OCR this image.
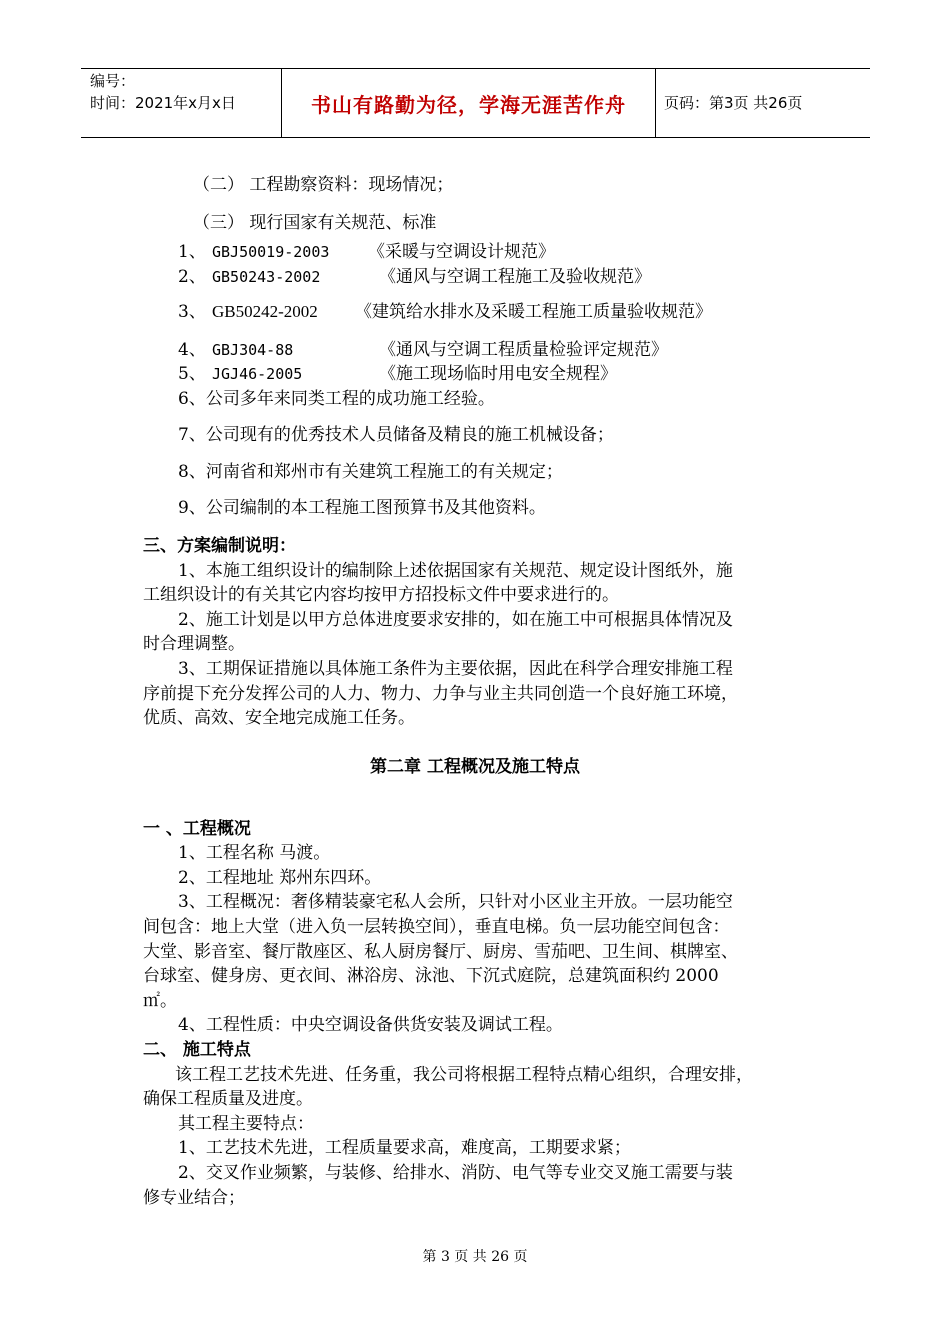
编号：
时间：2021年x月x日	书山有路勤为径，学海无涯苦作舟	页码：第3页 共26页
（二） 工程勘察资料：现场情况；
（三） 现行国家有关规范、标准
1、 GBJ50019-2003 《采暖与空调设计规范》
2、 GB50243-2002	《通风与空调工程施工及验收规范》
3、 GB50242-2002 《建筑给水排水及采暖工程施工质量验收规范》
4、 GBJ304-88	《通风与空调工程质量检验评定规范》
5、 JGJ46-2005	《施工现场临时用电安全规程》
6、公司多年来同类工程的成功施工经验。
7、公司现有的优秀技术人员储备及精良的施工机械设备；
8、河南省和郑州市有关建筑工程施工的有关规定；
9、公司编制的本工程施工图预算书及其他资料。
三、方案编制说明：
1、本施工组织设计的编制除上述依据国家有关规范、规定设计图纸外，施
工组织设计的有关其它内容均按甲方招投标文件中要求进行的。
2、施工计划是以甲方总体进度要求安排的，如在施工中可根据具体情况及
时合理调整。
3、工期保证措施以具体施工条件为主要依据，因此在科学合理安排施工程
序前提下充分发挥公司的人力、物力、力争与业主共同创造一个良好施工环境，
优质、高效、安全地完成施工任务。
第二章 工程概况及施工特点
一 、工程概况
1、工程名称 马渡。
2、工程地址 郑州东四环。
3、工程概况：奢侈精装豪宅私人会所，只针对小区业主开放。一层功能空
间包含：地上大堂（进入负一层转换空间），垂直电梯。负一层功能空间包含：
大堂、影音室、餐厅散座区、私人厨房餐厅、厨房、雪茄吧、卫生间、棋牌室、
台球室、健身房、更衣间、淋浴房、泳池、下沉式庭院，总建筑面积约 2000
㎡。
4、工程性质：中央空调设备供货安装及调试工程。
二、 施工特点
该工程工艺技术先进、任务重，我公司将根据工程特点精心组织，合理安排，
确保工程质量及进度。
其工程主要特点：
1、工艺技术先进，工程质量要求高，难度高，工期要求紧；
2、交叉作业频繁，与装修、给排水、消防、电气等专业交叉施工需要与装
修专业结合；
第 3 页 共 26 页
